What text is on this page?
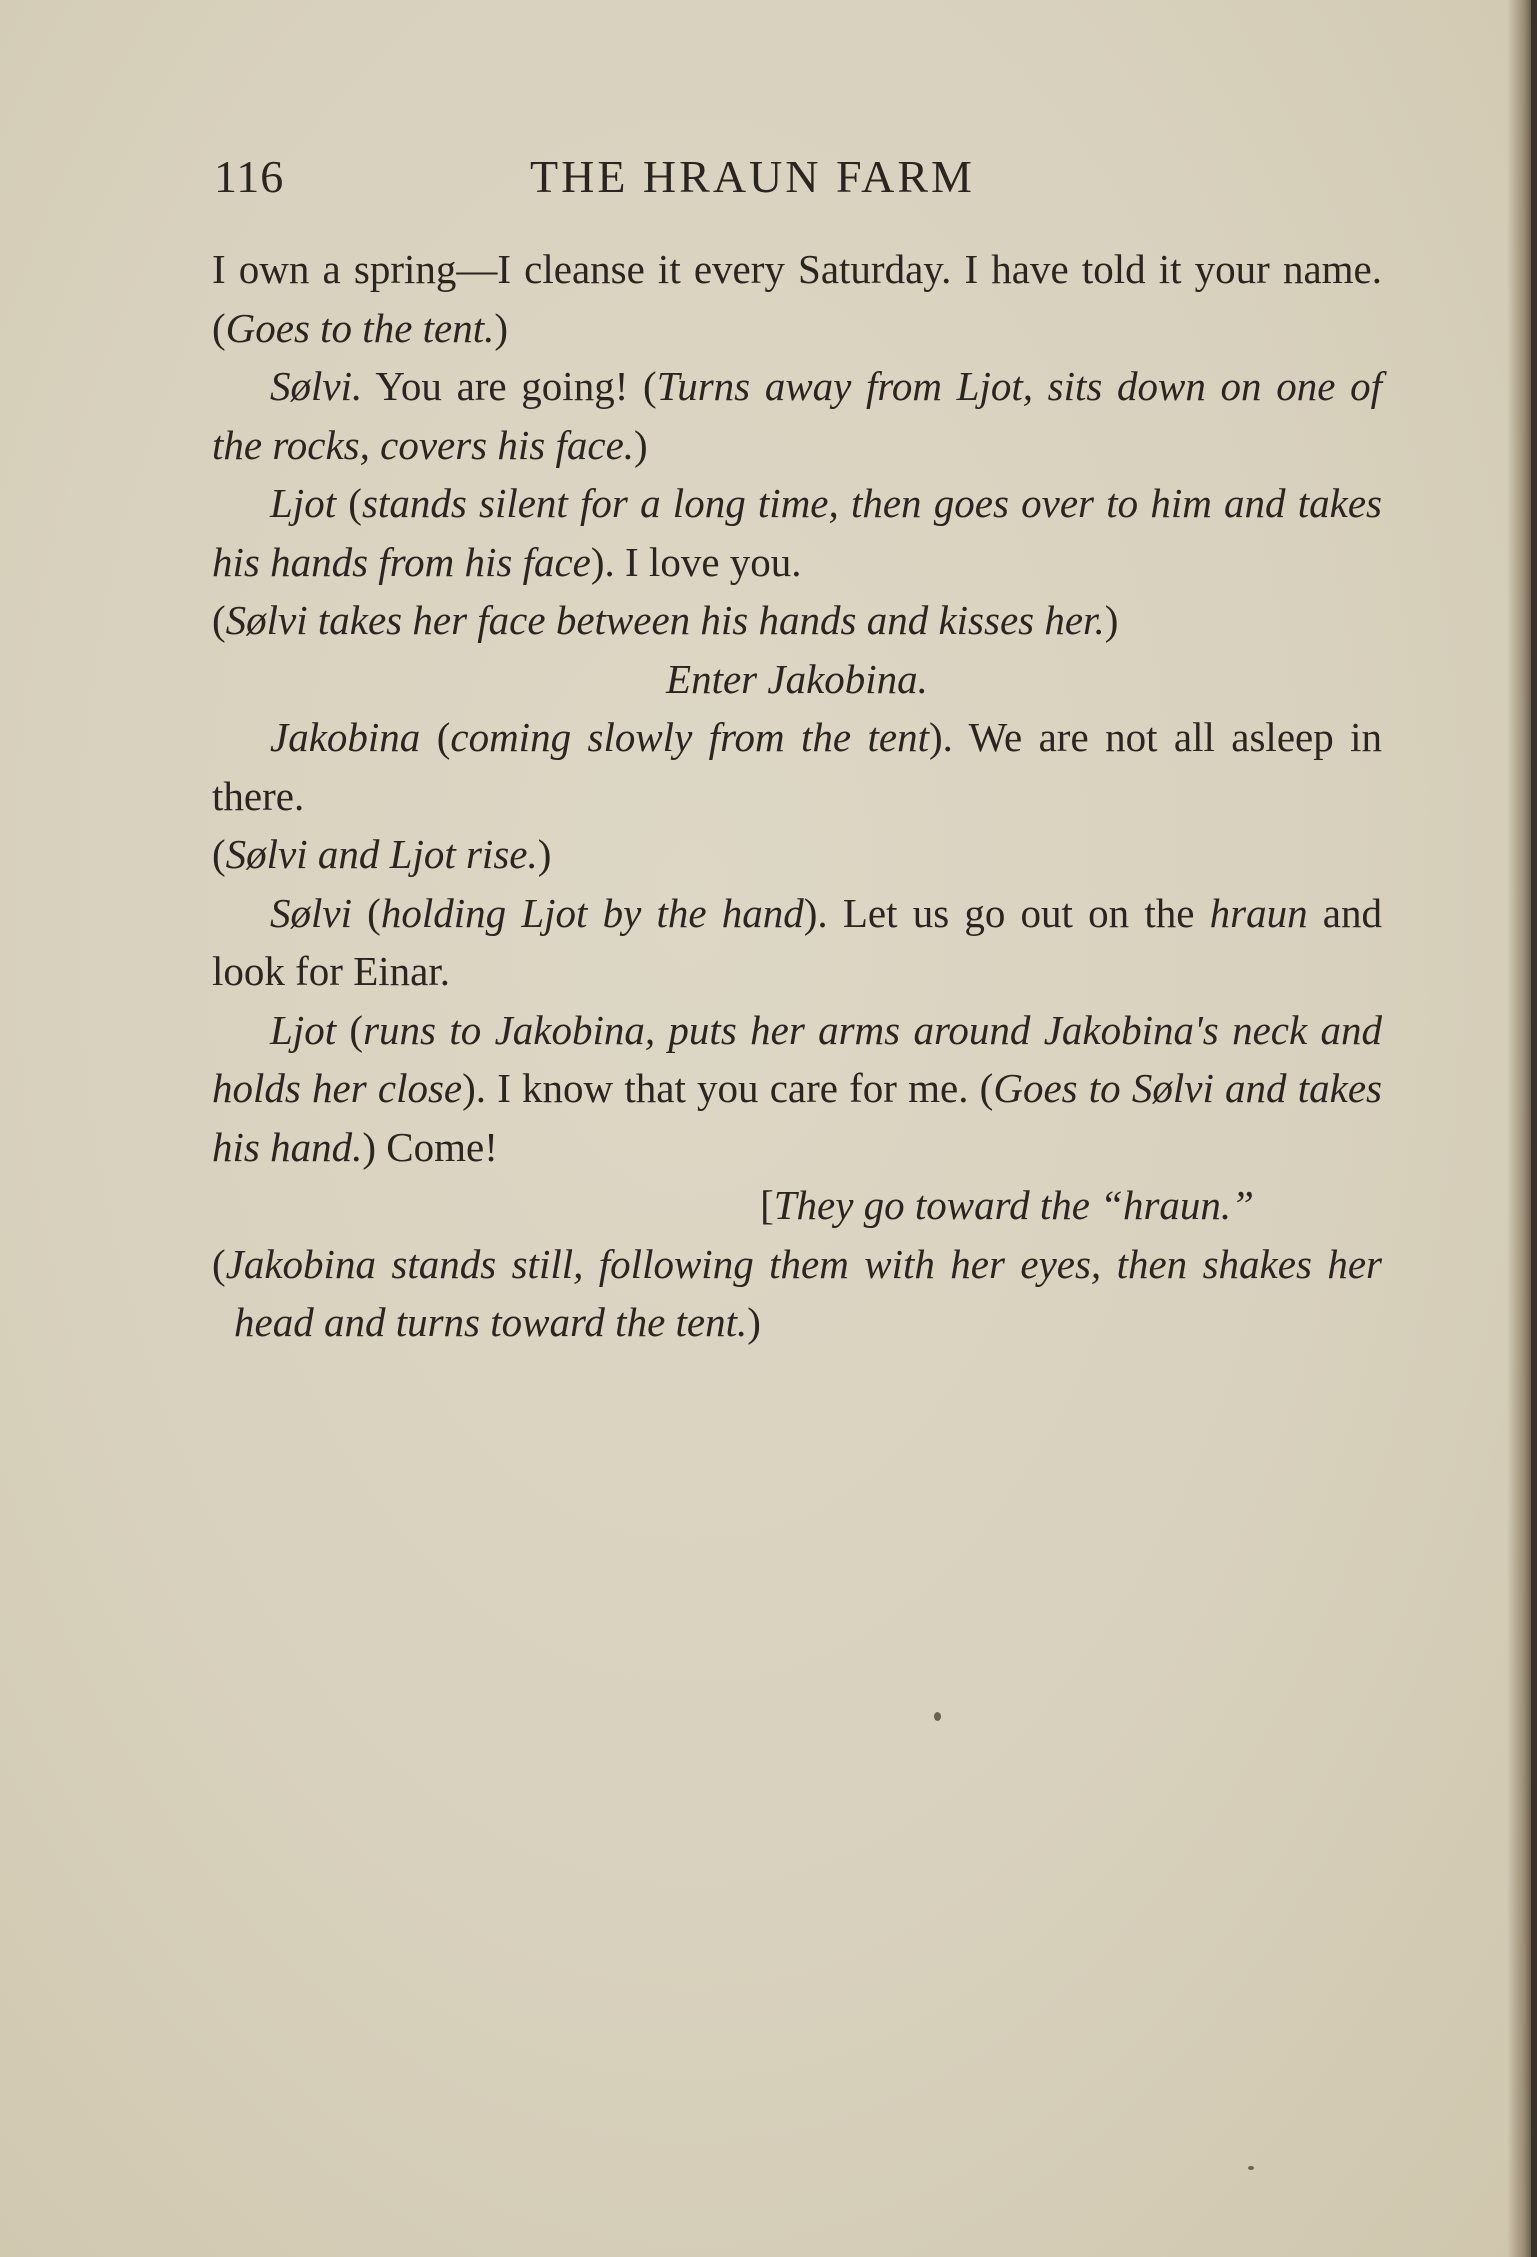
116	THE HRAUN FARM

I own a spring—I cleanse it every Saturday. I have told it your name. (Goes to the tent.)

Sølvi. You are going! (Turns away from Ljot, sits down on one of the rocks, covers his face.)

Ljot (stands silent for a long time, then goes over to him and takes his hands from his face). I love you.

(Sølvi takes her face between his hands and kisses her.)

Enter Jakobina.

Jakobina (coming slowly from the tent). We are not all asleep in there.

(Sølvi and Ljot rise.)

Sølvi (holding Ljot by the hand). Let us go out on the hraun and look for Einar.

Ljot (runs to Jakobina, puts her arms around Jakobina's neck and holds her close). I know that you care for me. (Goes to Sølvi and takes his hand.) Come!

[They go toward the “hraun.”

(Jakobina stands still, following them with her eyes, then shakes her head and turns toward the tent.)
